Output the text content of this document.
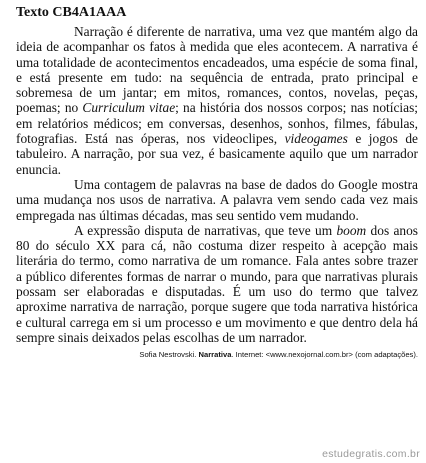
Texto CB4A1AAA

Narração é diferente de narrativa, uma vez que mantém algo da ideia de acompanhar os fatos à medida que eles acontecem. A narrativa é uma totalidade de acontecimentos encadeados, uma espécie de soma final, e está presente em tudo: na sequência de entrada, prato principal e sobremesa de um jantar; em mitos, romances, contos, novelas, peças, poemas; no Curriculum vitae; na história dos nossos corpos; nas notícias; em relatórios médicos; em conversas, desenhos, sonhos, filmes, fábulas, fotografias. Está nas óperas, nos videoclipes, videogames e jogos de tabuleiro. A narração, por sua vez, é basicamente aquilo que um narrador enuncia.

Uma contagem de palavras na base de dados do Google mostra uma mudança nos usos de narrativa. A palavra vem sendo cada vez mais empregada nas últimas décadas, mas seu sentido vem mudando.

A expressão disputa de narrativas, que teve um boom dos anos 80 do século XX para cá, não costuma dizer respeito à acepção mais literária do termo, como narrativa de um romance. Fala antes sobre trazer a público diferentes formas de narrar o mundo, para que narrativas plurais possam ser elaboradas e disputadas. É um uso do termo que talvez aproxime narrativa de narração, porque sugere que toda narrativa histórica e cultural carrega em si um processo e um movimento e que dentro dela há sempre sinais deixados pelas escolhas de um narrador.

Sofia Nestrovski. Narrativa. Internet: <www.nexojornal.com.br> (com adaptações).
estudegratis.com.br
